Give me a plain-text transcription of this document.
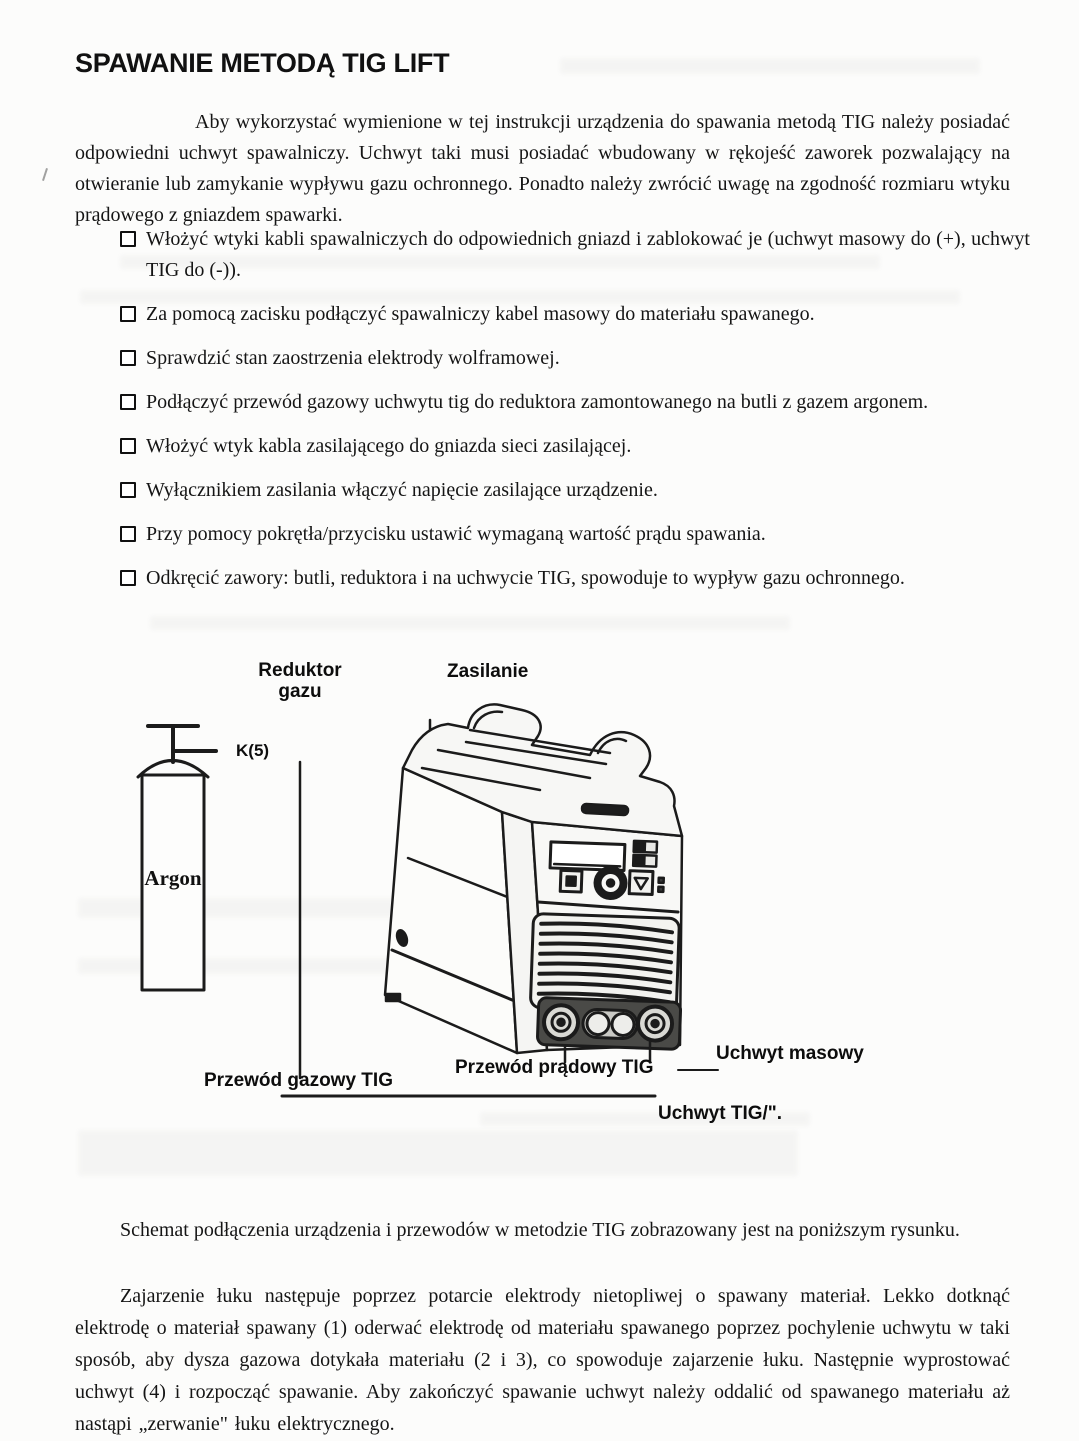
SPAWANIE METODĄ TIG LIFT

Aby wykorzystać wymienione w tej instrukcji urządzenia do spawania metodą TIG należy posiadać odpowiedni uchwyt spawalniczy. Uchwyt taki musi posiadać wbudowany w rękojeść zaworek pozwalający na otwieranie lub zamykanie wypływu gazu ochronnego. Ponadto należy zwrócić uwagę na zgodność rozmiaru wtyku prądowego z gniazdem spawarki.

Włożyć wtyki kabli spawalniczych do odpowiednich gniazd i zablokować je (uchwyt masowy do (+), uchwyt TIG do (-)).
Za pomocą zacisku podłączyć spawalniczy kabel masowy do materiału spawanego.
Sprawdzić stan zaostrzenia elektrody wolframowej.
Podłączyć przewód gazowy uchwytu tig do reduktora zamontowanego na butli z gazem argonem.
Włożyć wtyk kabla zasilającego do gniazda sieci zasilającej.
Wyłącznikiem zasilania włączyć napięcie zasilające urządzenie.
Przy pomocy pokrętła/przycisku ustawić wymaganą wartość prądu spawania.
Odkręcić zawory: butli, reduktora i na uchwycie TIG, spowoduje to wypływ gazu ochronnego.
Reduktor gazu
Zasilanie
K(5)
Argon
Przewód gazowy TIG
Przewód prądowy TIG
Uchwyt masowy
Uchwyt TIG/".

Schemat podłączenia urządzenia i przewodów w metodzie TIG zobrazowany jest na poniższym rysunku.

Zajarzenie łuku następuje poprzez potarcie elektrody nietopliwej o spawany materiał. Lekko dotknąć elektrodę o materiał spawany (1) oderwać elektrodę od materiału spawanego poprzez pochylenie uchwytu w taki sposób, aby dysza gazowa dotykała materiału (2 i 3), co spowoduje zajarzenie łuku. Następnie wyprostować uchwyt (4) i rozpocząć spawanie. Aby zakończyć spawanie uchwyt należy oddalić od spawanego materiału aż nastąpi „zerwanie" łuku elektrycznego.
